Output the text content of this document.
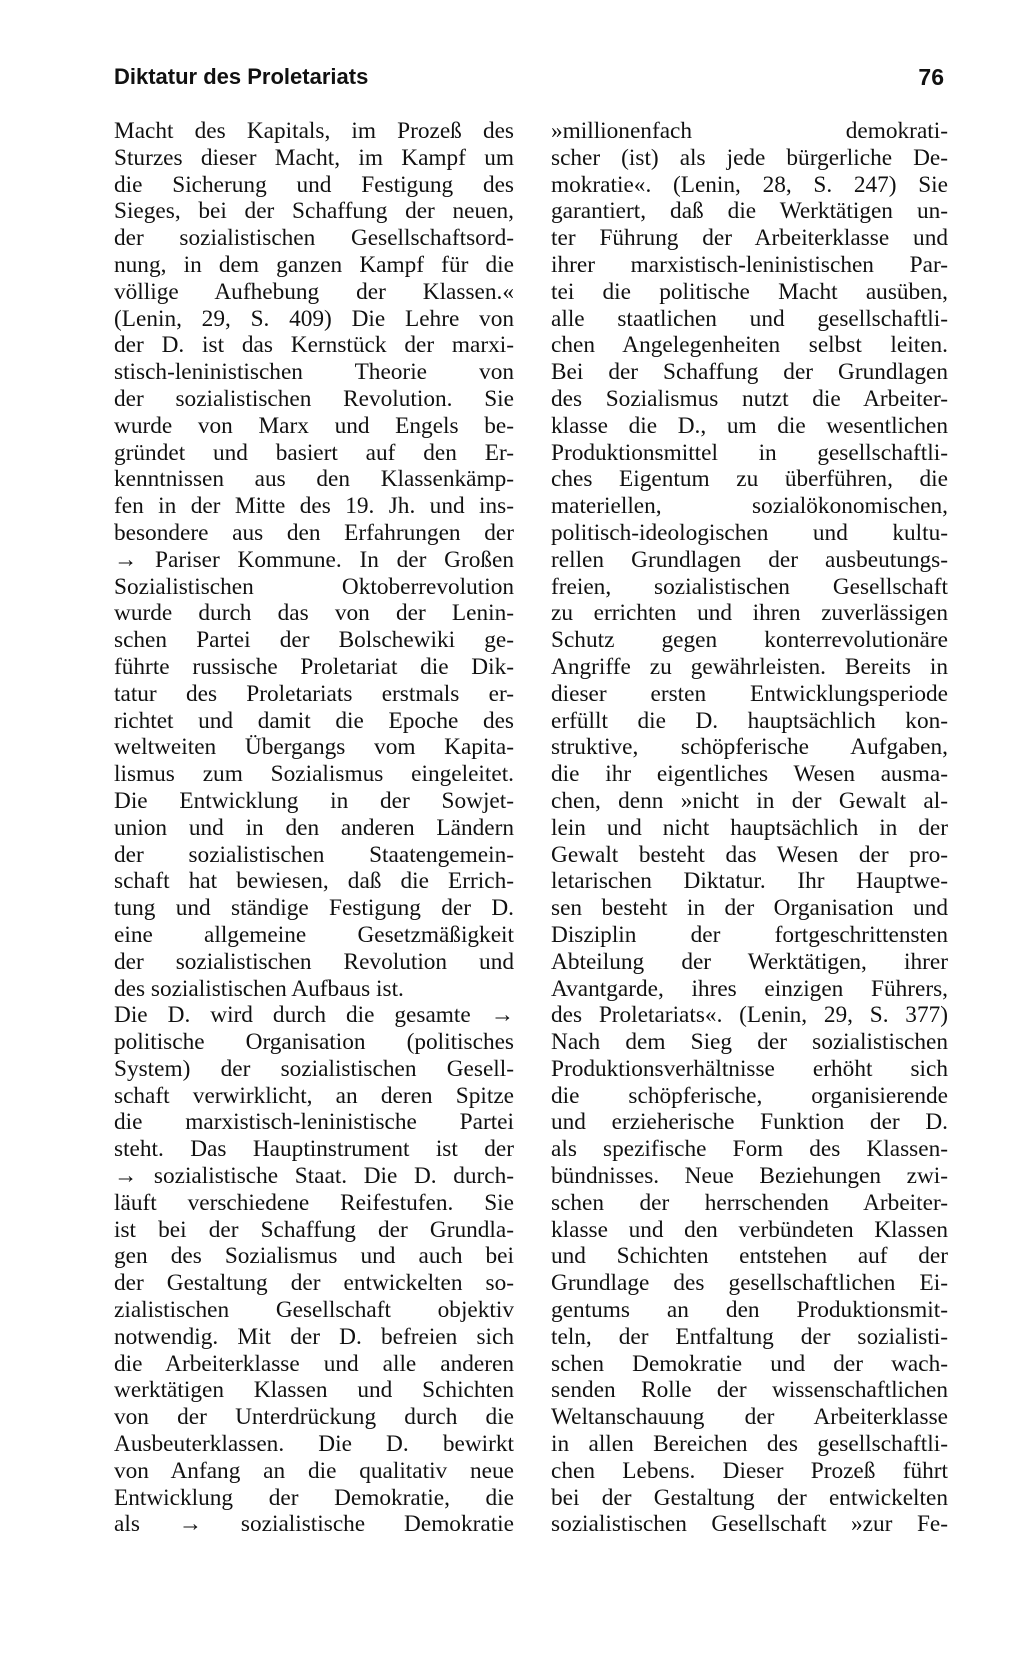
Diktatur des Proletariats	76
Macht des Kapitals, im Prozeß des
Sturzes dieser Macht, im Kampf um
die Sicherung und Festigung des
Sieges, bei der Schaffung der neuen,
der sozialistischen Gesellschaftsord-
nung, in dem ganzen Kampf für die
völlige Aufhebung der Klassen.«
(Lenin, 29, S. 409) Die Lehre von
der D. ist das Kernstück der marxi-
stisch-leninistischen Theorie von
der sozialistischen Revolution. Sie
wurde von Marx und Engels be-
gründet und basiert auf den Er-
kenntnissen aus den Klassenkämp-
fen in der Mitte des 19. Jh. und ins-
besondere aus den Erfahrungen der
→ Pariser Kommune. In der Großen
Sozialistischen Oktoberrevolution
wurde durch das von der Lenin-
schen Partei der Bolschewiki ge-
führte russische Proletariat die Dik-
tatur des Proletariats erstmals er-
richtet und damit die Epoche des
weltweiten Übergangs vom Kapita-
lismus zum Sozialismus eingeleitet.
Die Entwicklung in der Sowjet-
union und in den anderen Ländern
der sozialistischen Staatengemein-
schaft hat bewiesen, daß die Errich-
tung und ständige Festigung der D.
eine allgemeine Gesetzmäßigkeit
der sozialistischen Revolution und
des sozialistischen Aufbaus ist.
Die D. wird durch die gesamte →
politische Organisation (politisches
System) der sozialistischen Gesell-
schaft verwirklicht, an deren Spitze
die marxistisch-leninistische Partei
steht. Das Hauptinstrument ist der
→ sozialistische Staat. Die D. durch-
läuft verschiedene Reifestufen. Sie
ist bei der Schaffung der Grundla-
gen des Sozialismus und auch bei
der Gestaltung der entwickelten so-
zialistischen Gesellschaft objektiv
notwendig. Mit der D. befreien sich
die Arbeiterklasse und alle anderen
werktätigen Klassen und Schichten
von der Unterdrückung durch die
Ausbeuterklassen. Die D. bewirkt
von Anfang an die qualitativ neue
Entwicklung der Demokratie, die
als → sozialistische Demokratie
»millionenfach demokrati-
scher (ist) als jede bürgerliche De-
mokratie«. (Lenin, 28, S. 247) Sie
garantiert, daß die Werktätigen un-
ter Führung der Arbeiterklasse und
ihrer marxistisch-leninistischen Par-
tei die politische Macht ausüben,
alle staatlichen und gesellschaftli-
chen Angelegenheiten selbst leiten.
Bei der Schaffung der Grundlagen
des Sozialismus nutzt die Arbeiter-
klasse die D., um die wesentlichen
Produktionsmittel in gesellschaftli-
ches Eigentum zu überführen, die
materiellen, sozialökonomischen,
politisch-ideologischen und kultu-
rellen Grundlagen der ausbeutungs-
freien, sozialistischen Gesellschaft
zu errichten und ihren zuverlässigen
Schutz gegen konterrevolutionäre
Angriffe zu gewährleisten. Bereits in
dieser ersten Entwicklungsperiode
erfüllt die D. hauptsächlich kon-
struktive, schöpferische Aufgaben,
die ihr eigentliches Wesen ausma-
chen, denn »nicht in der Gewalt al-
lein und nicht hauptsächlich in der
Gewalt besteht das Wesen der pro-
letarischen Diktatur. Ihr Hauptwe-
sen besteht in der Organisation und
Disziplin der fortgeschrittensten
Abteilung der Werktätigen, ihrer
Avantgarde, ihres einzigen Führers,
des Proletariats«. (Lenin, 29, S. 377)
Nach dem Sieg der sozialistischen
Produktionsverhältnisse erhöht sich
die schöpferische, organisierende
und erzieherische Funktion der D.
als spezifische Form des Klassen-
bündnisses. Neue Beziehungen zwi-
schen der herrschenden Arbeiter-
klasse und den verbündeten Klassen
und Schichten entstehen auf der
Grundlage des gesellschaftlichen Ei-
gentums an den Produktionsmit-
teln, der Entfaltung der sozialisti-
schen Demokratie und der wach-
senden Rolle der wissenschaftlichen
Weltanschauung der Arbeiterklasse
in allen Bereichen des gesellschaftli-
chen Lebens. Dieser Prozeß führt
bei der Gestaltung der entwickelten
sozialistischen Gesellschaft »zur Fe-
